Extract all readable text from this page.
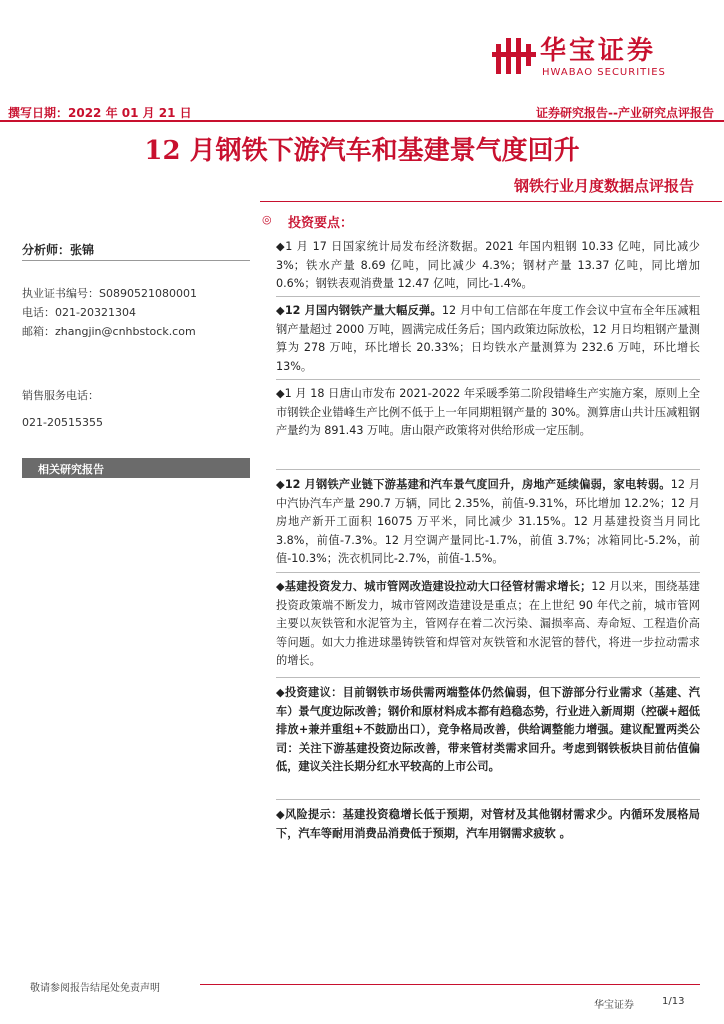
华宝证券
HWABAO SECURITIES
撰写日期：2022 年 01 月 21 日	证券研究报告--产业研究点评报告
12 月钢铁下游汽车和基建景气度回升
钢铁行业月度数据点评报告
分析师：张锦
执业证书编号：S0890521080001
电话：021-20321304
邮箱：zhangjin@cnhbstock.com
销售服务电话：
021-20515355
相关研究报告
◎ 投资要点：
◆1 月 17 日国家统计局发布经济数据。2021 年国内粗钢 10.33 亿吨，同比减少 3%；铁水产量 8.69 亿吨，同比减少 4.3%；钢材产量 13.37 亿吨，同比增加 0.6%；钢铁表观消费量 12.47 亿吨，同比-1.4%。
◆12 月国内钢铁产量大幅反弹。12 月中旬工信部在年度工作会议中宣布全年压减粗钢产量超过 2000 万吨，圆满完成任务后；国内政策边际放松，12 月日均粗钢产量测算为 278 万吨，环比增长 20.33%；日均铁水产量测算为 232.6 万吨，环比增长 13%。
◆1 月 18 日唐山市发布 2021-2022 年采暖季第二阶段错峰生产实施方案，原则上全市钢铁企业错峰生产比例不低于上一年同期粗钢产量的 30%。测算唐山共计压减粗钢产量约为 891.43 万吨。唐山限产政策将对供给形成一定压制。
◆12 月钢铁产业链下游基建和汽车景气度回升，房地产延续偏弱，家电转弱。12 月中汽协汽车产量 290.7 万辆，同比 2.35%，前值-9.31%，环比增加 12.2%；12 月房地产新开工面积 16075 万平米，同比减少 31.15%。12 月基建投资当月同比 3.8%，前值-7.3%。12 月空调产量同比-1.7%，前值 3.7%；冰箱同比-5.2%，前值-10.3%；洗衣机同比-2.7%，前值-1.5%。
◆基建投资发力、城市管网改造建设拉动大口径管材需求增长；12 月以来，围绕基建投资政策端不断发力，城市管网改造建设是重点；在上世纪 90 年代之前，城市管网主要以灰铁管和水泥管为主，管网存在着二次污染、漏损率高、寿命短、工程造价高等问题。如大力推进球墨铸铁管和焊管对灰铁管和水泥管的替代，将进一步拉动需求的增长。
◆投资建议：目前钢铁市场供需两端整体仍然偏弱，但下游部分行业需求（基建、汽车）景气度边际改善；钢价和原材料成本都有趋稳态势，行业进入新周期（控碳+超低排放+兼并重组+不鼓励出口），竞争格局改善，供给调整能力增强。建议配置两类公司：关注下游基建投资边际改善，带来管材类需求回升。考虑到钢铁板块目前估值偏低，建议关注长期分红水平较高的上市公司。
◆风险提示：基建投资稳增长低于预期，对管材及其他钢材需求少。内循环发展格局下，汽车等耐用消费品消费低于预期，汽车用钢需求疲软 。
敬请参阅报告结尾处免责声明
华宝证券	1/13
